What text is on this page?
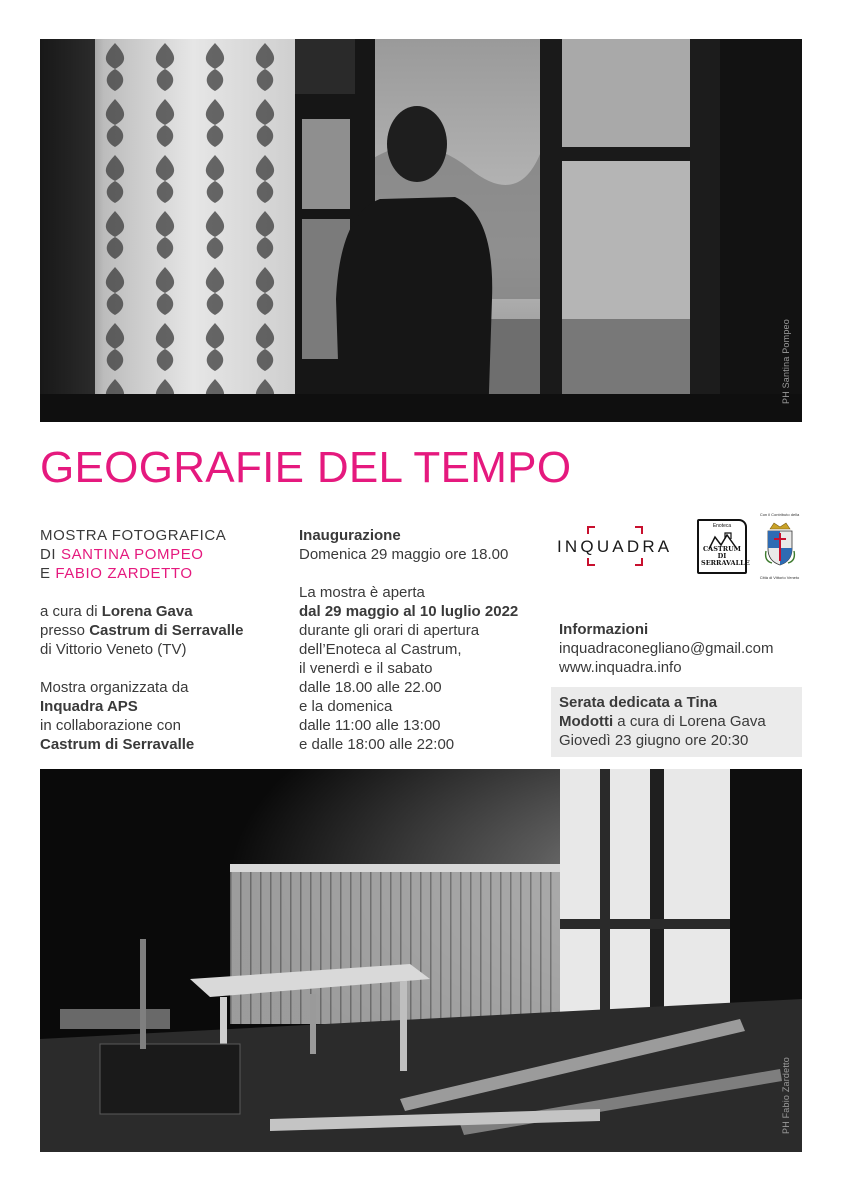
PH Santina Pompeo
GEOGRAFIE DEL TEMPO

MOSTRA FOTOGRAFICA

DI SANTINA POMPEO

E FABIO ZARDETTO

a cura di Lorena Gava

presso Castrum di Serravalle

di Vittorio Veneto (TV)

Mostra organizzata da

Inquadra APS

in collaborazione con

Castrum di Serravalle

Inaugurazione

Domenica 29 maggio ore 18.00

La mostra è aperta

dal 29 maggio al 10 luglio 2022

durante gli orari di apertura

dell’Enoteca al Castrum,

il venerdì e il sabato

dalle 18.00 alle 22.00

e la domenica

dalle 11:00 alle 13:00

e dalle 18:00 alle 22:00

INQUADRA
Enoteca
CASTRUM DI SERRAVALLE
Con il Contributo della
Città di Vittorio Veneto

Informazioni

inquadraconegliano@gmail.com

www.inquadra.info

Serata dedicata a Tina

Modotti a cura di Lorena Gava

Giovedì 23 giugno ore 20:30

PH Fabio Zardetto
